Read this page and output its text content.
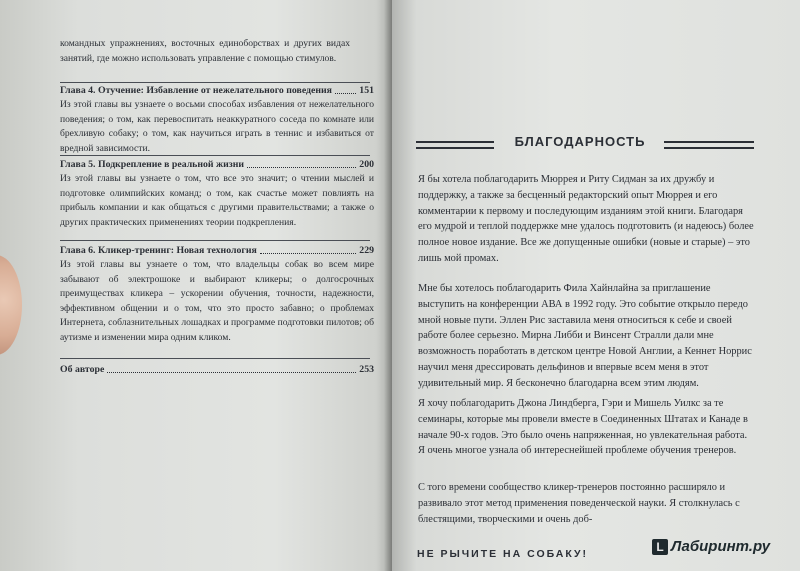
командных упражнениях, восточных единоборствах и других видах занятий, где можно использовать управление с помощью стимулов.
Глава 4. Отучение: Избавление от нежелательного поведения	151
Из этой главы вы узнаете о восьми способах избавления от нежелательного поведения; о том, как перевоспитать неаккуратного соседа по комнате или брехливую собаку; о том, как научиться играть в теннис и избавиться от вредной зависимости.
Глава 5. Подкрепление в реальной жизни	200
Из этой главы вы узнаете о том, что все это значит; о чтении мыслей и подготовке олимпийских команд; о том, как счастье может повлиять на прибыль компании и как общаться с другими правительствами; а также о других практических применениях теории подкрепления.
Глава 6. Кликер-тренинг: Новая технология	229
Из этой главы вы узнаете о том, что владельцы собак во всем мире забывают об электрошоке и выбирают кликеры; о долгосрочных преимуществах кликера – ускорении обучения, точности, надежности, эффективном общении и о том, что это просто забавно; о проблемах Интернета, соблазнительных лошадках и программе подготовки пилотов; об аутизме и изменении мира одним кликом.
Об авторе	253
БЛАГОДАРНОСТЬ

Я бы хотела поблагодарить Мюррея и Риту Сидман за их дружбу и поддержку, а также за бесценный редакторский опыт Мюррея и его комментарии к первому и последующим изданиям этой книги. Благодаря его мудрой и теплой поддержке мне удалось подготовить (и надеюсь) более полное новое издание. Все же допущенные ошибки (новые и старые) – это лишь мой промах.

Мне бы хотелось поблагодарить Фила Хайнлайна за приглашение выступить на конференции АВА в 1992 году. Это событие открыло передо мной новые пути. Эллен Рис заставила меня относиться к себе и своей работе более серьезно. Мирна Либби и Винсент Стралли дали мне возможность поработать в детском центре Новой Англии, а Кеннет Норрис научил меня дрессировать дельфинов и впервые всем меня в этот удивительный мир. Я бесконечно благодарна всем этим людям.

Я хочу поблагодарить Джона Линдберга, Гэри и Мишель Уилкс за те семинары, которые мы провели вместе в Соединенных Штатах и Канаде в начале 90-х годов. Это было очень напряженная, но увлекательная работа. Я очень многое узнала об интереснейшей проблеме обучения тренеров.

С того времени сообщество кликер-тренеров постоянно расширяло и развивало этот метод применения поведенческой науки. Я столкнулась с блестящими, творческими и очень доб-

НЕ РЫЧИТЕ НА СОБАКУ!
L Лабиринт.ру
